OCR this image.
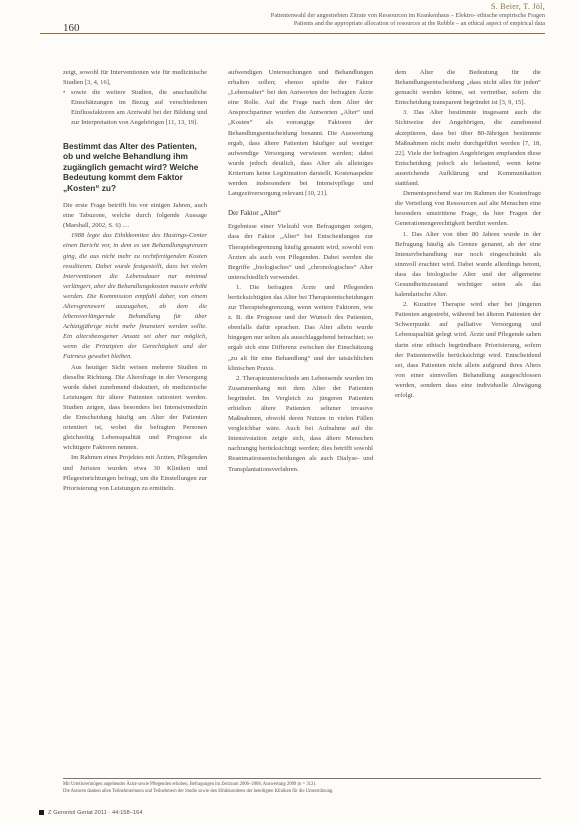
160
S. Beier, T. Jöl,
Patientenwahl der angestrebten Zitrate von Ressourcen im Krankenhaus – Elektro- ethische empirische Fragen
Patients and the appropriate allocation of resources at the Rebble – an ethical aspect of empirical data

zeigt, sowohl für Interventionen wie für medizinische Studien [3, 4, 16],

• sowie die weitere Studien, die anschauliche Einschätzungen im Bezug auf verschiedenen Einflussfaktoren am Arztwahl bei der Bildung und zur Interpretation von Angehörigen [11, 13, 19].

Bestimmt das Alter des Patienten, ob und welche Behandlung ihm zugänglich gemacht wird? Welche Bedeutung kommt dem Faktor „Kosten“ zu?

Die erste Frage betrifft bis vor einigen Jahren, auch eine Tabuzone, welche durch folgende Aussage (Marshall, 2002, S. 6) ....

1988 legte das Ethikkomitee des Hastings-Center einen Bericht vor, in dem es um Behandlungsgrenzen ging, die aus nicht mehr zu rechtfertigenden Kosten resultieren. Dabei wurde festgestellt, dass bei vielen Interventionen die Lebensdauer nur minimal verlängert, aber die Behandlungskosten massiv erhöht werden. Die Kommission empfahl daher, von einem Altersgrenzwert auszugehen, ab dem die lebensverlängernde Behandlung für über Achtzigjährige nicht mehr finanziert werden sollte. Ein altersbezogener Ansatz sei aber nur möglich, wenn die Prinzipien der Gerechtigkeit und der Fairness gewahrt bleiben.

Aus heutiger Sicht weisen mehrere Studien in dieselbe Richtung. Die Altersfrage in der Versorgung wurde dabei zunehmend diskutiert, ob medizinische Leistungen für ältere Patienten rationiert werden. Studien zeigen, dass besonders bei Intensivmedizin die Entscheidung häufig am Alter der Patienten orientiert ist, wobei die befragten Personen gleichzeitig Lebensqualität und Prognose als wichtigere Faktoren nennen.

Im Rahmen eines Projektes mit Ärzten, Pflegenden und Juristen wurden etwa 30 Kliniken und Pflegeeinrichtungen befragt, um die Einstellungen zur Priorisierung von Leistungen zu ermitteln.

aufwendigen Untersuchungen und Behandlungen erhalten sollen; ebenso spielte der Faktor „Lebensalter“ bei den Antworten der befragten Ärzte eine Rolle. Auf die Frage nach dem Alter der Ansprechpartner wurden die Antworten „Alter“ und „Kosten“ als vorrangige Faktoren der Behandlungsentscheidung benannt. Die Auswertung ergab, dass ältere Patienten häufiger auf weniger aufwendige Versorgung verwiesen werden; dabei wurde jedoch deutlich, dass Alter als alleiniges Kriterium keine Legitimation darstellt. Kostenaspekte werden insbesondere bei Intensivpflege und Langzeitversorgung relevant [10, 21].

Der Faktor „Alter“

Ergebnisse einer Vielzahl von Befragungen zeigen, dass der Faktor „Alter“ bei Entscheidungen zur Therapiebegrenzung häufig genannt wird, sowohl von Ärzten als auch von Pflegenden. Dabei werden die Begriffe „biologisches“ und „chronologisches“ Alter unterschiedlich verwendet.

1. Die befragten Ärzte und Pflegenden berücksichtigten das Alter bei Therapieentscheidungen zur Therapiebegrenzung, wenn weitere Faktoren, wie z. B. die Prognose und der Wunsch des Patienten, ebenfalls dafür sprachen. Das Alter allein wurde hingegen nur selten als ausschlaggebend betrachtet; so ergab sich eine Differenz zwischen der Einschätzung „zu alt für eine Behandlung“ und der tatsächlichen klinischen Praxis.

2. Therapieunterschiede am Lebensende wurden im Zusammenhang mit dem Alter der Patienten begründet. Im Vergleich zu jüngeren Patienten erhielten ältere Patienten seltener invasive Maßnahmen, obwohl deren Nutzen in vielen Fällen vergleichbar wäre. Auch bei Aufnahme auf die Intensivstation zeigte sich, dass ältere Menschen nachrangig berücksichtigt werden; dies betrifft sowohl Reanimationsentscheidungen als auch Dialyse- und Transplantationsverfahren.

dem Alter die Bedeutung für die Behandlungsentscheidung „dass nicht alles für jeden“ gemacht werden könne, sei vertretbar, sofern die Entscheidung transparent begründet ist [3, 9, 15].

3. Das Alter bestimmte insgesamt auch die Sichtweise der Angehörigen, die zunehmend akzeptieren, dass bei über 80-Jährigen bestimmte Maßnahmen nicht mehr durchgeführt werden [7, 18, 22]. Viele der befragten Angehörigen empfanden diese Entscheidung jedoch als belastend, wenn keine ausreichende Aufklärung und Kommunikation stattfand.

Dementsprechend war im Rahmen der Kostenfrage die Verteilung von Ressourcen auf alte Menschen eine besonders umstrittene Frage, da hier Fragen der Generationengerechtigkeit berührt werden.

1. Das Alter von über 80 Jahren wurde in der Befragung häufig als Grenze genannt, ab der eine Intensivbehandlung nur noch eingeschränkt als sinnvoll erachtet wird. Dabei wurde allerdings betont, dass das biologische Alter und der allgemeine Gesundheitszustand wichtiger seien als das kalendarische Alter.

2. Kurative Therapie wird eher bei jüngeren Patienten angestrebt, während bei älteren Patienten der Schwerpunkt auf palliative Versorgung und Lebensqualität gelegt wird. Ärzte und Pflegende sahen darin eine ethisch begründbare Priorisierung, sofern der Patientenwille berücksichtigt wird. Entscheidend sei, dass Patienten nicht allein aufgrund ihres Alters von einer sinnvollen Behandlung ausgeschlossen werden, sondern dass eine individuelle Abwägung erfolgt.

Mit Urteilsvermögen angehender Ärzte sowie Pflegenden erhoben, Befragungen im Zeitraum 2006–2008, Auswertung 2009 (n = 312).
Die Autoren danken allen Teilnehmerinnen und Teilnehmern der Studie sowie den Ethikkomitees der beteiligten Kliniken für die Unterstützung.
Z Gerontol Geriat 2011 · 44:158–164
